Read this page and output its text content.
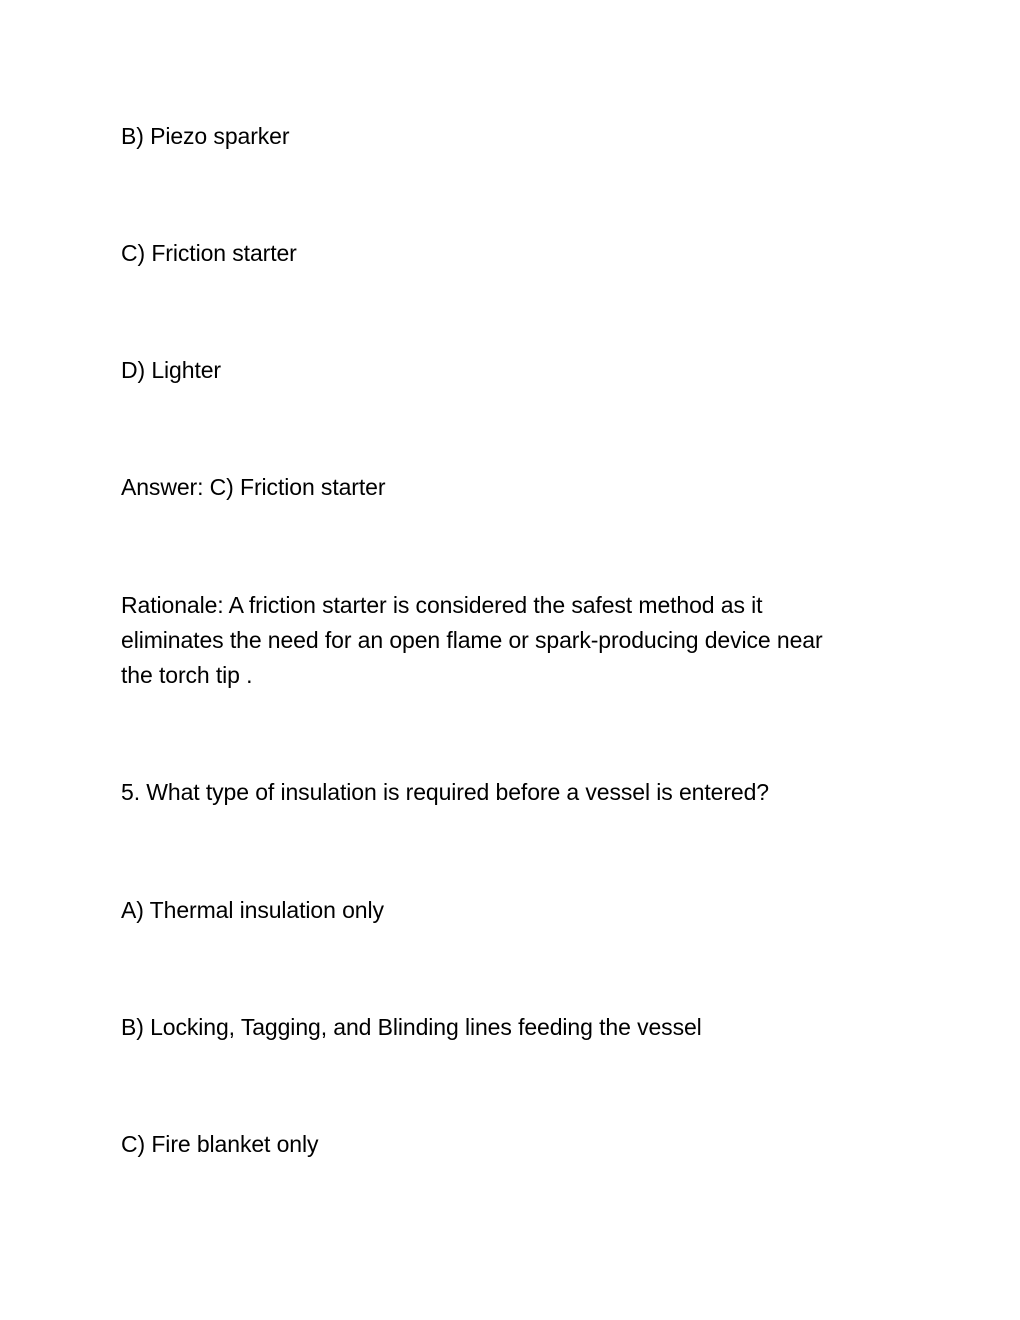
B) Piezo sparker
C) Friction starter
D) Lighter
Answer: C) Friction starter
Rationale: A friction starter is considered the safest method as it
eliminates the need for an open flame or spark-producing device near
the torch tip .
5. What type of insulation is required before a vessel is entered?
A) Thermal insulation only
B) Locking, Tagging, and Blinding lines feeding the vessel
C) Fire blanket only
